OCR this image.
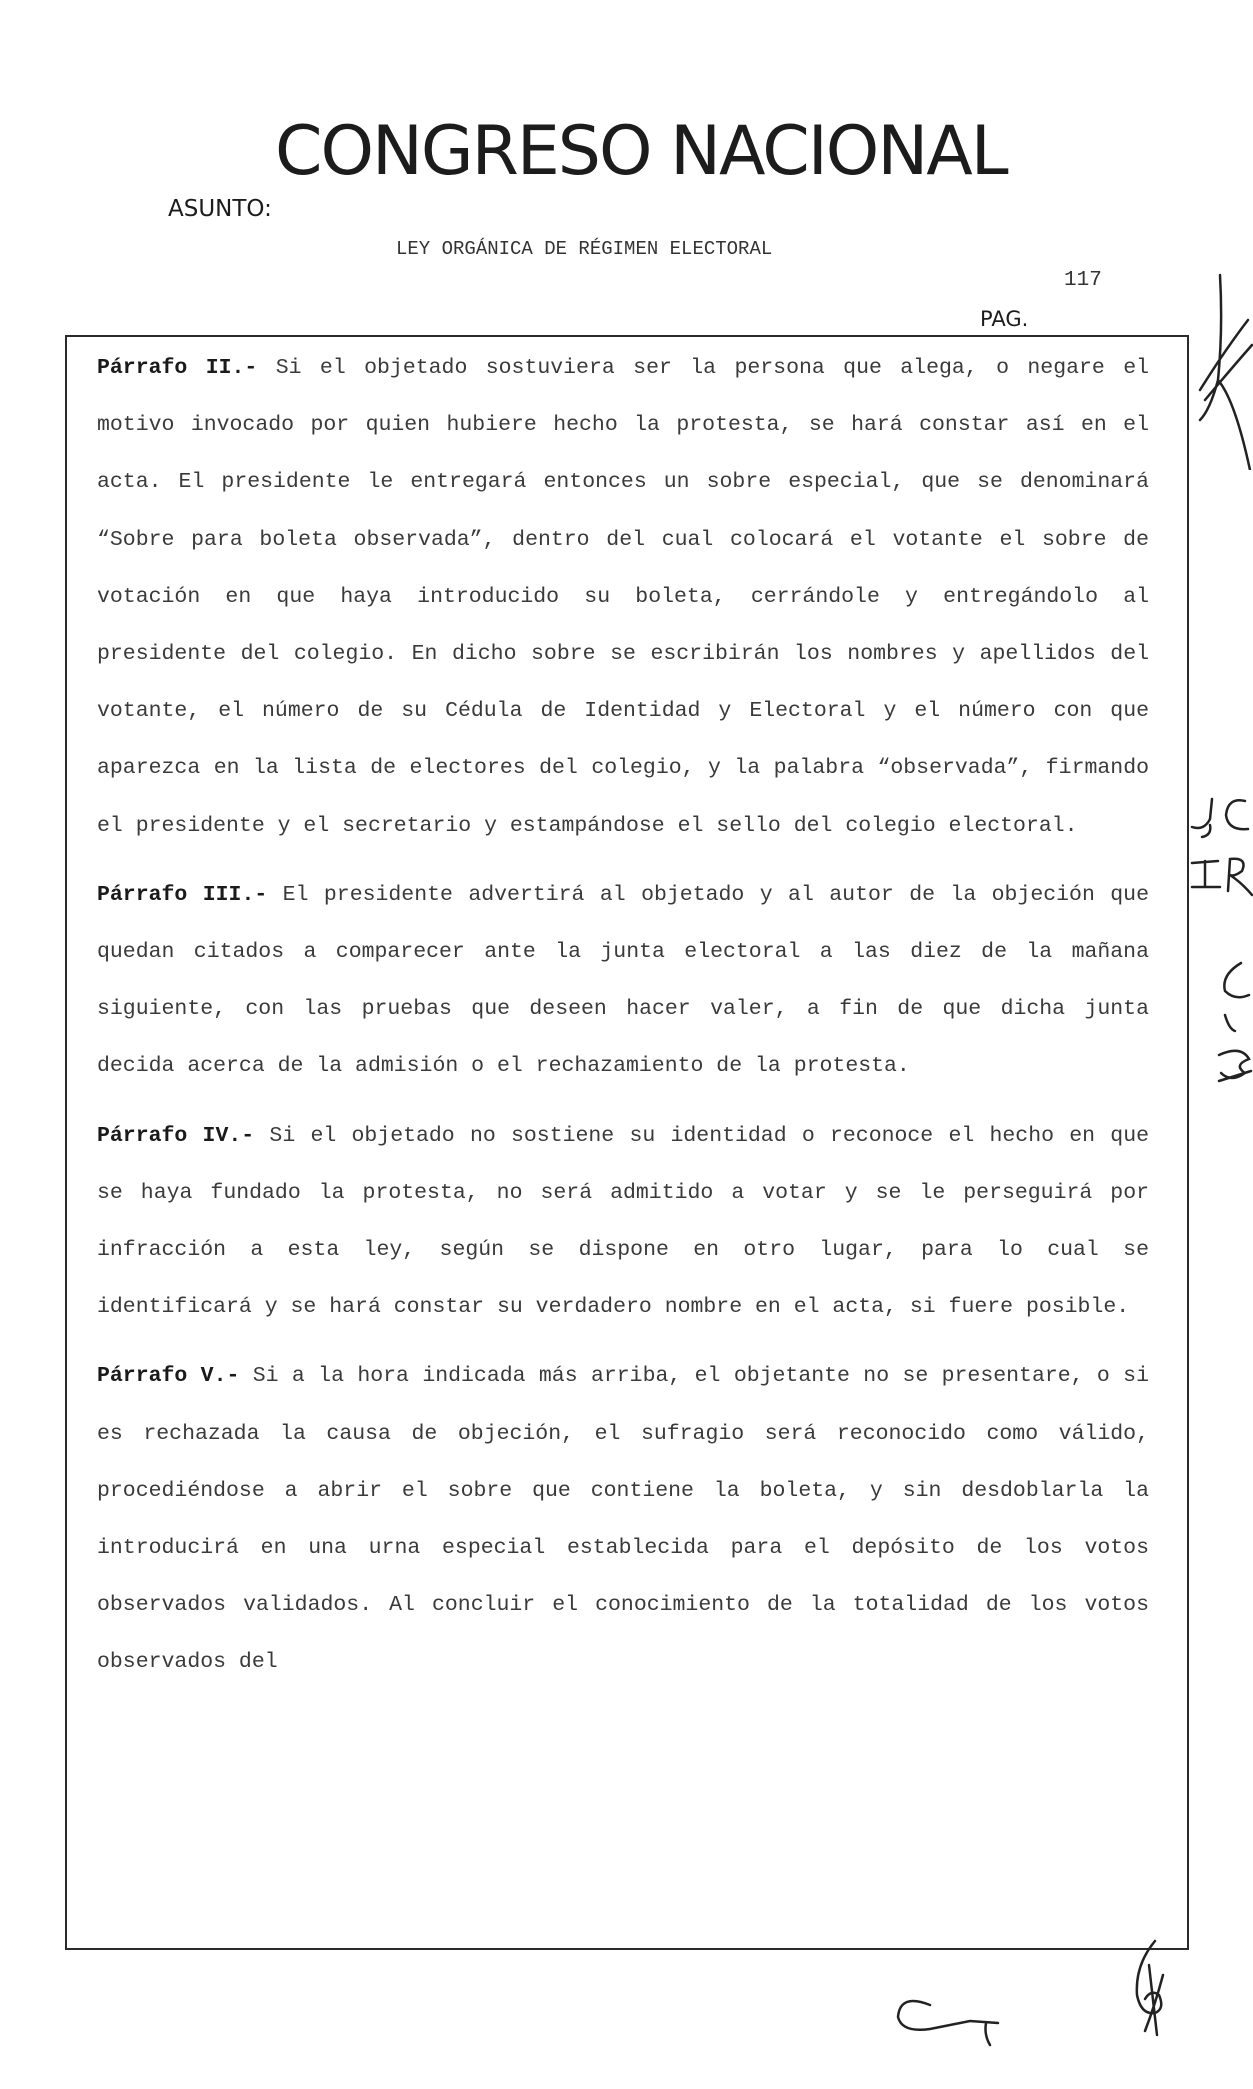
CONGRESO NACIONAL
ASUNTO:
LEY ORGÁNICA DE RÉGIMEN ELECTORAL
117
PAG.

Párrafo II.- Si el objetado sostuviera ser la persona que alega, o negare el motivo invocado por quien hubiere hecho la protesta, se hará constar así en el acta. El presidente le entregará entonces un sobre especial, que se denominará “Sobre para boleta observada”, dentro del cual colocará el votante el sobre de votación en que haya introducido su boleta, cerrándole y entregándolo al presidente del colegio. En dicho sobre se escribirán los nombres y apellidos del votante, el número de su Cédula de Identidad y Electoral y el número con que aparezca en la lista de electores del colegio, y la palabra “observada”, firmando el presidente y el secretario y estampándose el sello del colegio electoral.

Párrafo III.- El presidente advertirá al objetado y al autor de la objeción que quedan citados a comparecer ante la junta electoral a las diez de la mañana siguiente, con las pruebas que deseen hacer valer, a fin de que dicha junta decida acerca de la admisión o el rechazamiento de la protesta.

Párrafo IV.- Si el objetado no sostiene su identidad o reconoce el hecho en que se haya fundado la protesta, no será admitido a votar y se le perseguirá por infracción a esta ley, según se dispone en otro lugar, para lo cual se identificará y se hará constar su verdadero nombre en el acta, si fuere posible.

Párrafo V.- Si a la hora indicada más arriba, el objetante no se presentare, o si es rechazada la causa de objeción, el sufragio será reconocido como válido, procediéndose a abrir el sobre que contiene la boleta, y sin desdoblarla la introducirá en una urna especial establecida para el depósito de los votos observados validados. Al concluir el conocimiento de la totalidad de los votos observados del
